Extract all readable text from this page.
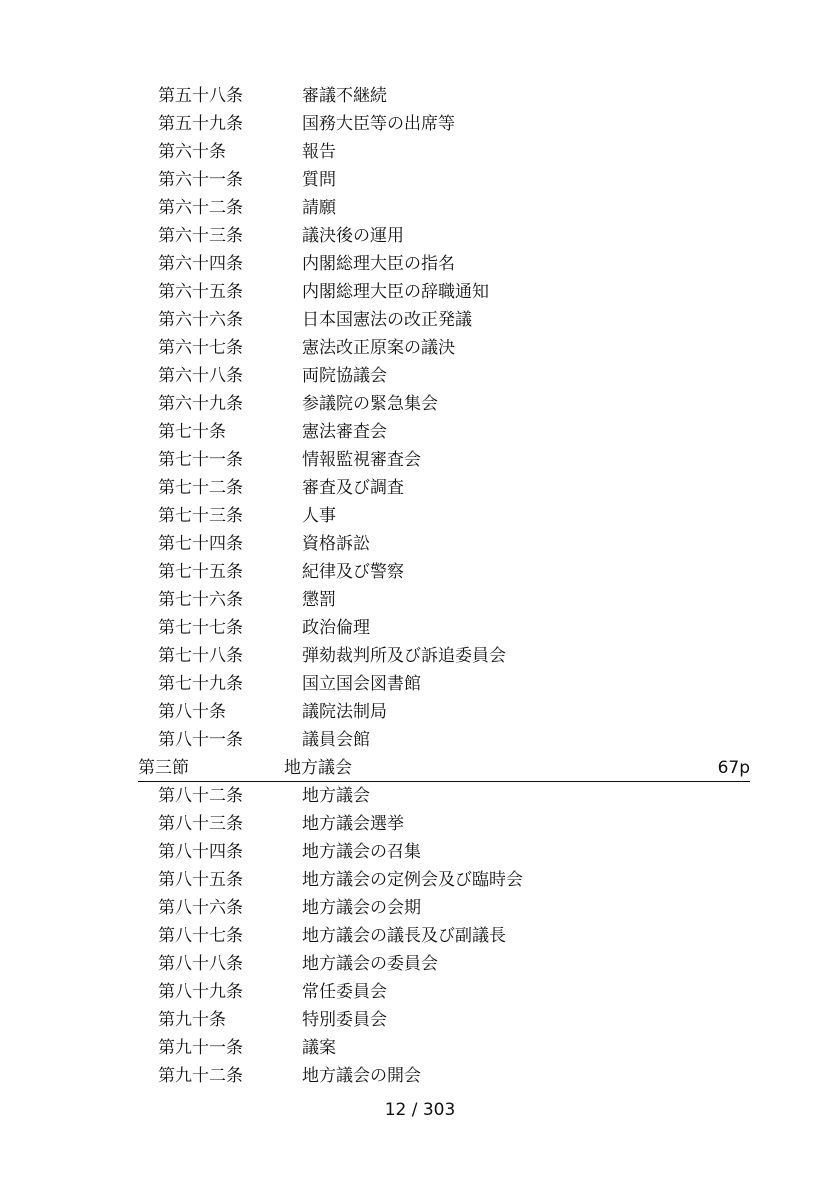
第五十八条	審議不継続
第五十九条	国務大臣等の出席等
第六十条	報告
第六十一条	質問
第六十二条	請願
第六十三条	議決後の運用
第六十四条	内閣総理大臣の指名
第六十五条	内閣総理大臣の辞職通知
第六十六条	日本国憲法の改正発議
第六十七条	憲法改正原案の議決
第六十八条	両院協議会
第六十九条	参議院の緊急集会
第七十条	憲法審査会
第七十一条	情報監視審査会
第七十二条	審査及び調査
第七十三条	人事
第七十四条	資格訴訟
第七十五条	紀律及び警察
第七十六条	懲罰
第七十七条	政治倫理
第七十八条	弾劾裁判所及び訴追委員会
第七十九条	国立国会図書館
第八十条	議院法制局
第八十一条	議員会館
第三節	地方議会	67p
第八十二条	地方議会
第八十三条	地方議会選挙
第八十四条	地方議会の召集
第八十五条	地方議会の定例会及び臨時会
第八十六条	地方議会の会期
第八十七条	地方議会の議長及び副議長
第八十八条	地方議会の委員会
第八十九条	常任委員会
第九十条	特別委員会
第九十一条	議案
第九十二条	地方議会の開会
12 / 303
